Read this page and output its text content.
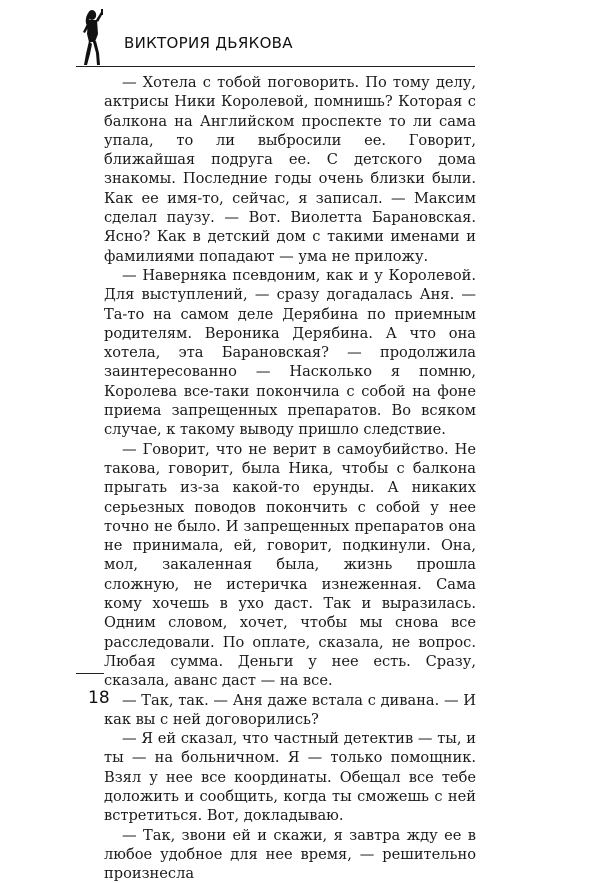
ВИКТОРИЯ ДЬЯКОВА

— Хотела с тобой поговорить. По тому делу, актрисы Ники Королевой, помнишь? Которая с балкона на Английском проспекте то ли сама упала, то ли выбросили ее. Говорит, ближайшая подруга ее. С детского дома знакомы. Последние годы очень близки были. Как ее имя-то, сейчас, я записал. — Максим сделал паузу. — Вот. Виолетта Барановская. Ясно? Как в детский дом с такими именами и фамилиями попадают — ума не приложу.

— Наверняка псевдоним, как и у Королевой. Для выступлений, — сразу догадалась Аня. — Та-то на самом деле Дерябина по приемным родителям. Вероника Дерябина. А что она хотела, эта Барановская? — продолжила заинтересованно — Насколько я помню, Королева все-таки покончила с собой на фоне приема запрещенных препаратов. Во всяком случае, к такому выводу пришло следствие.

— Говорит, что не верит в самоубийство. Не такова, говорит, была Ника, чтобы с балкона прыгать из-за какой-то ерунды. А никаких серьезных поводов покончить с собой у нее точно не было. И запрещенных препаратов она не принимала, ей, говорит, подкинули. Она, мол, закаленная была, жизнь прошла сложную, не истеричка изнеженная. Сама кому хочешь в ухо даст. Так и выразилась. Одним словом, хочет, чтобы мы снова все расследовали. По оплате, сказала, не вопрос. Любая сумма. Деньги у нее есть. Сразу, сказала, аванс даст — на все.

— Так, так. — Аня даже встала с дивана. — И как вы с ней договорились?

— Я ей сказал, что частный детектив — ты, и ты — на больничном. Я — только помощник. Взял у нее все координаты. Обещал все тебе доложить и сообщить, когда ты сможешь с ней встретиться. Вот, докладываю.

— Так, звони ей и скажи, я завтра жду ее в любое удобное для нее время, — решительно произнесла

18
